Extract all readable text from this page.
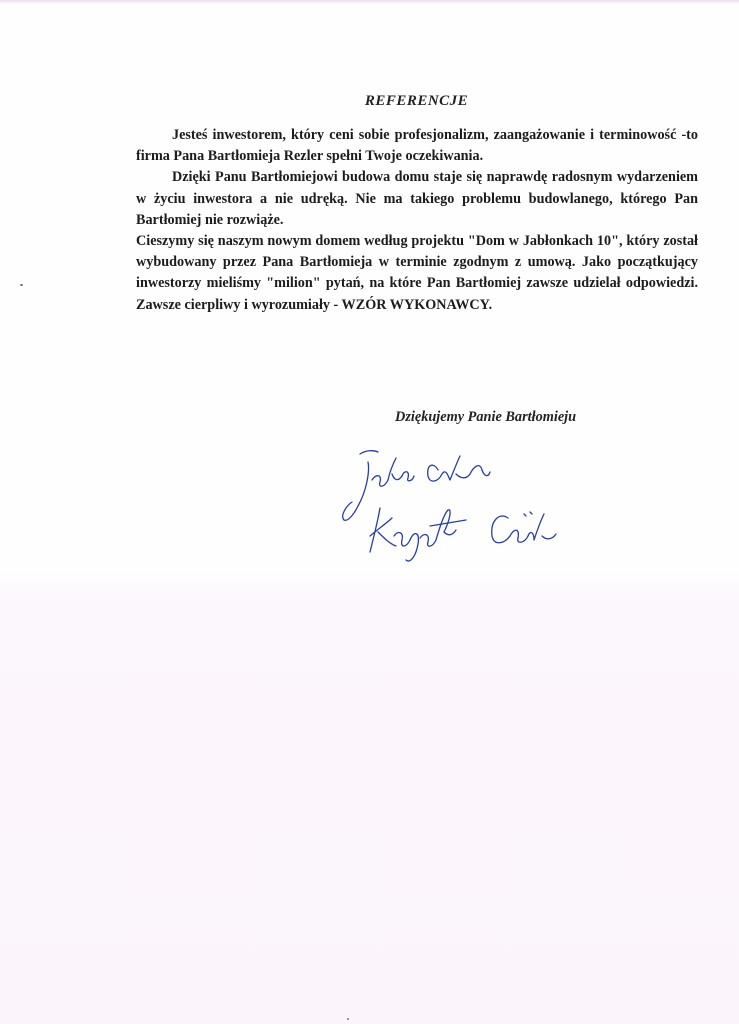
REFERENCJE

Jesteś inwestorem, który ceni sobie profesjonalizm, zaangażowanie i terminowość -to firma Pana Bartłomieja Rezler spełni Twoje oczekiwania.

Dzięki Panu Bartłomiejowi budowa domu staje się naprawdę radosnym wydarzeniem w życiu inwestora a nie udręką. Nie ma takiego problemu budowlanego, którego Pan Bartłomiej nie rozwiąże.

Cieszymy się naszym nowym domem według projektu "Dom w Jabłonkach 10", który został wybudowany przez Pana Bartłomieja w terminie zgodnym z umową. Jako początkujący inwestorzy mieliśmy "milion" pytań, na które Pan Bartłomiej zawsze udzielał odpowiedzi. Zawsze cierpliwy i wyrozumiały - WZÓR WYKONAWCY.

Dziękujemy Panie Bartłomieju
